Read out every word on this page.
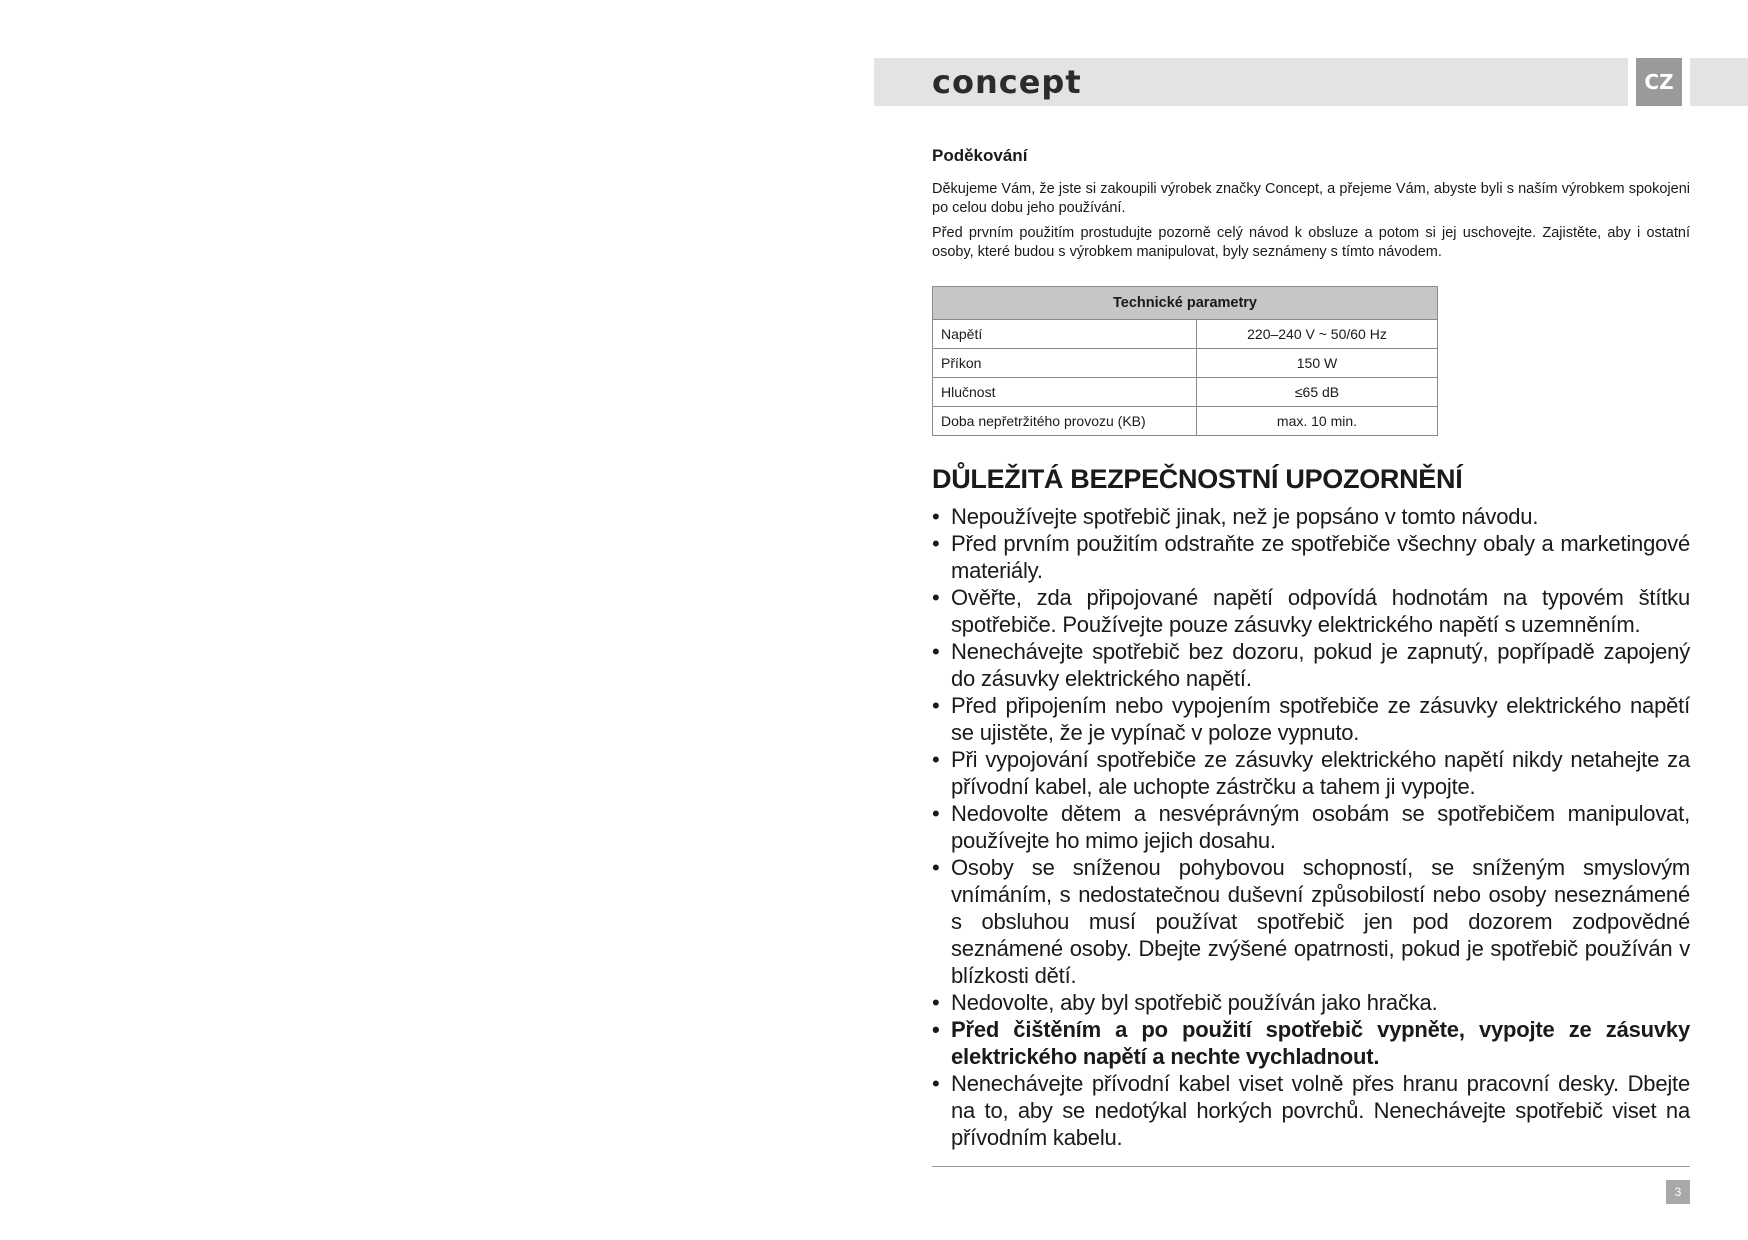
concept	CZ
Poděkování

Děkujeme Vám, že jste si zakoupili výrobek značky Concept, a přejeme Vám, abyste byli s naším výrobkem spokojeni po celou dobu jeho používání.

Před prvním použitím prostudujte pozorně celý návod k obsluze a potom si jej uschovejte. Zajistěte, aby i ostatní osoby, které budou s výrobkem manipulovat, byly seznámeny s tímto návodem.

Technické parametry	
Napětí	220–240 V ~ 50/60 Hz
Příkon	150 W
Hlučnost	≤65 dB
Doba nepřetržitého provozu (KB)	max. 10 min.
DŮLEŽITÁ BEZPEČNOSTNÍ UPOZORNĚNÍ
• Nepoužívejte spotřebič jinak, než je popsáno v tomto návodu.
• Před prvním použitím odstraňte ze spotřebiče všechny obaly a marketingové materiály.
• Ověřte, zda připojované napětí odpovídá hodnotám na typovém štítku spotřebiče. Používejte pouze zásuvky elektrického napětí s uzemněním.
• Nenechávejte spotřebič bez dozoru, pokud je zapnutý, popřípadě zapojený do zásuvky elektrického napětí.
• Před připojením nebo vypojením spotřebiče ze zásuvky elektrického napětí se ujistěte, že je vypínač v poloze vypnuto.
• Při vypojování spotřebiče ze zásuvky elektrického napětí nikdy netahejte za přívodní kabel, ale uchopte zástrčku a tahem ji vypojte.
• Nedovolte dětem a nesvéprávným osobám se spotřebičem manipulovat, používejte ho mimo jejich dosahu.
• Osoby se sníženou pohybovou schopností, se sníženým smyslovým vnímáním, s nedostatečnou duševní způsobilostí nebo osoby neseznámené s obsluhou musí používat spotřebič jen pod dozorem zodpovědné seznámené osoby. Dbejte zvýšené opatrnosti, pokud je spotřebič používán v blízkosti dětí.
• Nedovolte, aby byl spotřebič používán jako hračka.
• Před čištěním a po použití spotřebič vypněte, vypojte ze zásuvky elektrického napětí a nechte vychladnout.
• Nenechávejte přívodní kabel viset volně přes hranu pracovní desky. Dbejte na to, aby se nedotýkal horkých povrchů. Nenechávejte spotřebič viset na přívodním kabelu.
3
